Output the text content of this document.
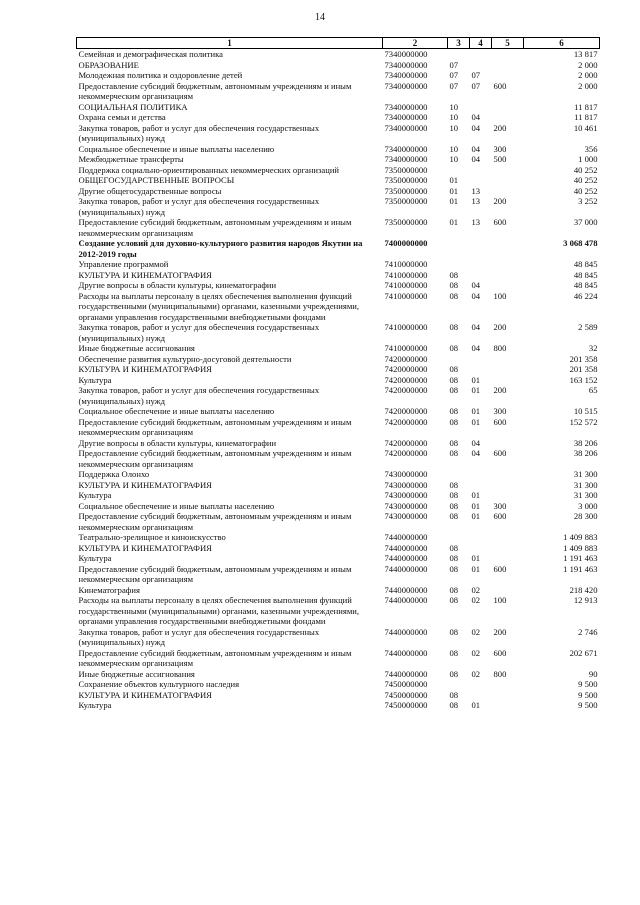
14
1	2	3	4	5	6
Семейная и демографическая политика	7340000000				13 817
ОБРАЗОВАНИЕ	7340000000	07			2 000
Молодежная политика и оздоровление детей	7340000000	07	07		2 000
Предоставление субсидий бюджетным, автономным учреждениям и иным некоммерческим организациям	7340000000	07	07	600	2 000
СОЦИАЛЬНАЯ ПОЛИТИКА	7340000000	10			11 817
Охрана семьи и детства	7340000000	10	04		11 817
Закупка товаров, работ и услуг для обеспечения государственных (муниципальных) нужд	7340000000	10	04	200	10 461
Социальное обеспечение и иные выплаты населению	7340000000	10	04	300	356
Межбюджетные трансферты	7340000000	10	04	500	1 000
Поддержка социально-ориентированных некоммерческих организаций	7350000000				40 252
ОБЩЕГОСУДАРСТВЕННЫЕ ВОПРОСЫ	7350000000	01			40 252
Другие общегосударственные вопросы	7350000000	01	13		40 252
Закупка товаров, работ и услуг для обеспечения государственных (муниципальных) нужд	7350000000	01	13	200	3 252
Предоставление субсидий бюджетным, автономным учреждениям и иным некоммерческим организациям	7350000000	01	13	600	37 000
Создание условий для духовно-культурного развития народов Якутии на 2012-2019 годы	7400000000				3 068 478
Управление программой	7410000000				48 845
КУЛЬТУРА И КИНЕМАТОГРАФИЯ	7410000000	08			48 845
Другие вопросы в области культуры, кинематографии	7410000000	08	04		48 845
Расходы на выплаты персоналу в целях обеспечения выполнения функций государственными (муниципальными) органами, казенными учреждениями, органами управления государственными внебюджетными фондами	7410000000	08	04	100	46 224
Закупка товаров, работ и услуг для обеспечения государственных (муниципальных) нужд	7410000000	08	04	200	2 589
Иные бюджетные ассигнования	7410000000	08	04	800	32
Обеспечение развития культурно-досуговой деятельности	7420000000				201 358
КУЛЬТУРА И КИНЕМАТОГРАФИЯ	7420000000	08			201 358
Культура	7420000000	08	01		163 152
Закупка товаров, работ и услуг для обеспечения государственных (муниципальных) нужд	7420000000	08	01	200	65
Социальное обеспечение и иные выплаты населению	7420000000	08	01	300	10 515
Предоставление субсидий бюджетным, автономным учреждениям и иным некоммерческим организациям	7420000000	08	01	600	152 572
Другие вопросы в области культуры, кинематографии	7420000000	08	04		38 206
Предоставление субсидий бюджетным, автономным учреждениям и иным некоммерческим организациям	7420000000	08	04	600	38 206
Поддержка Олонхо	7430000000				31 300
КУЛЬТУРА И КИНЕМАТОГРАФИЯ	7430000000	08			31 300
Культура	7430000000	08	01		31 300
Социальное обеспечение и иные выплаты населению	7430000000	08	01	300	3 000
Предоставление субсидий бюджетным, автономным учреждениям и иным некоммерческим организациям	7430000000	08	01	600	28 300
Театрально-зрелищное и киноискусство	7440000000				1 409 883
КУЛЬТУРА И КИНЕМАТОГРАФИЯ	7440000000	08			1 409 883
Культура	7440000000	08	01		1 191 463
Предоставление субсидий бюджетным, автономным учреждениям и иным некоммерческим организациям	7440000000	08	01	600	1 191 463
Кинематография	7440000000	08	02		218 420
Расходы на выплаты персоналу в целях обеспечения выполнения функций государственными (муниципальными) органами, казенными учреждениями, органами управления государственными внебюджетными фондами	7440000000	08	02	100	12 913
Закупка товаров, работ и услуг для обеспечения государственных (муниципальных) нужд	7440000000	08	02	200	2 746
Предоставление субсидий бюджетным, автономным учреждениям и иным некоммерческим организациям	7440000000	08	02	600	202 671
Иные бюджетные ассигнования	7440000000	08	02	800	90
Сохранение объектов культурного наследия	7450000000				9 500
КУЛЬТУРА И КИНЕМАТОГРАФИЯ	7450000000	08			9 500
Культура	7450000000	08	01		9 500
